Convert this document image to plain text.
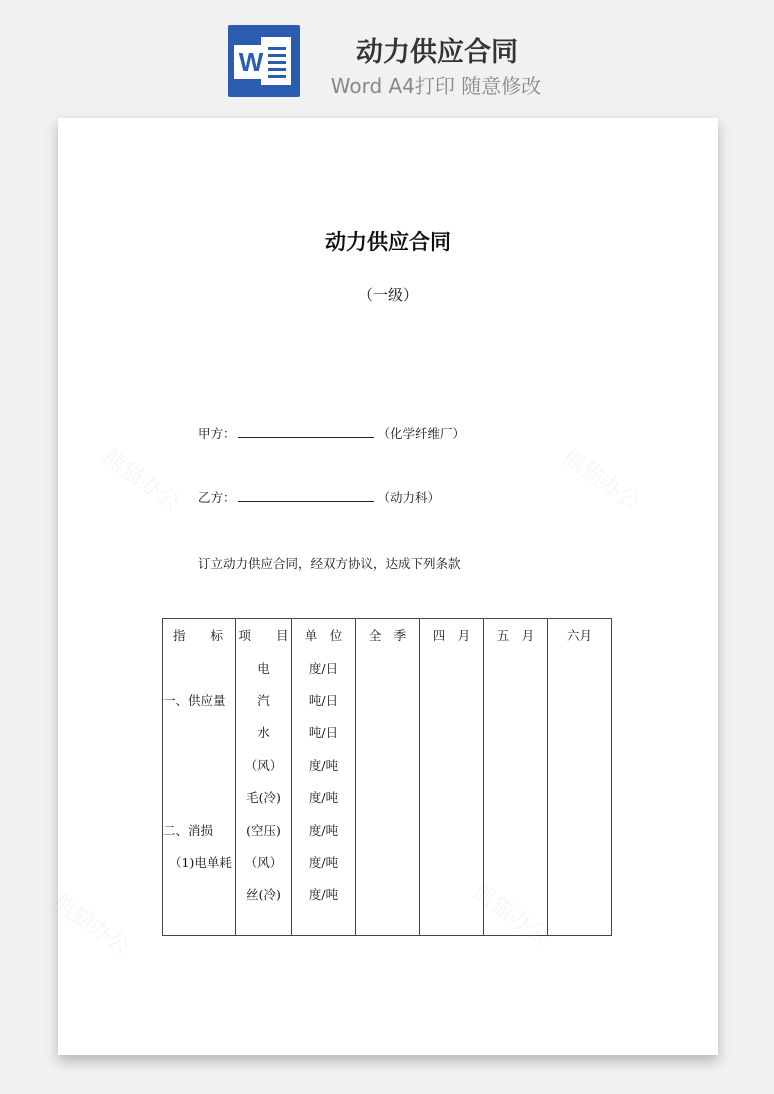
W	动力供应合同
Word A4打印 随意修改
动力供应合同
（一级）
甲方：	（化学纤维厂）
乙方：	（动力科）
订立动力供应合同，经双方协议，达成下列条款
指　　标	项　　目	单　位	全　季	四　月	五　月	六月
	电	度/日				
一、供应量	汽	吨/日				
	水	吨/日				
	（风）	度/吨				
	毛(冷)	度/吨				
二、消损	(空压)	度/吨				
（1)电单耗	（风）	度/吨				
	丝(冷)	度/吨				
